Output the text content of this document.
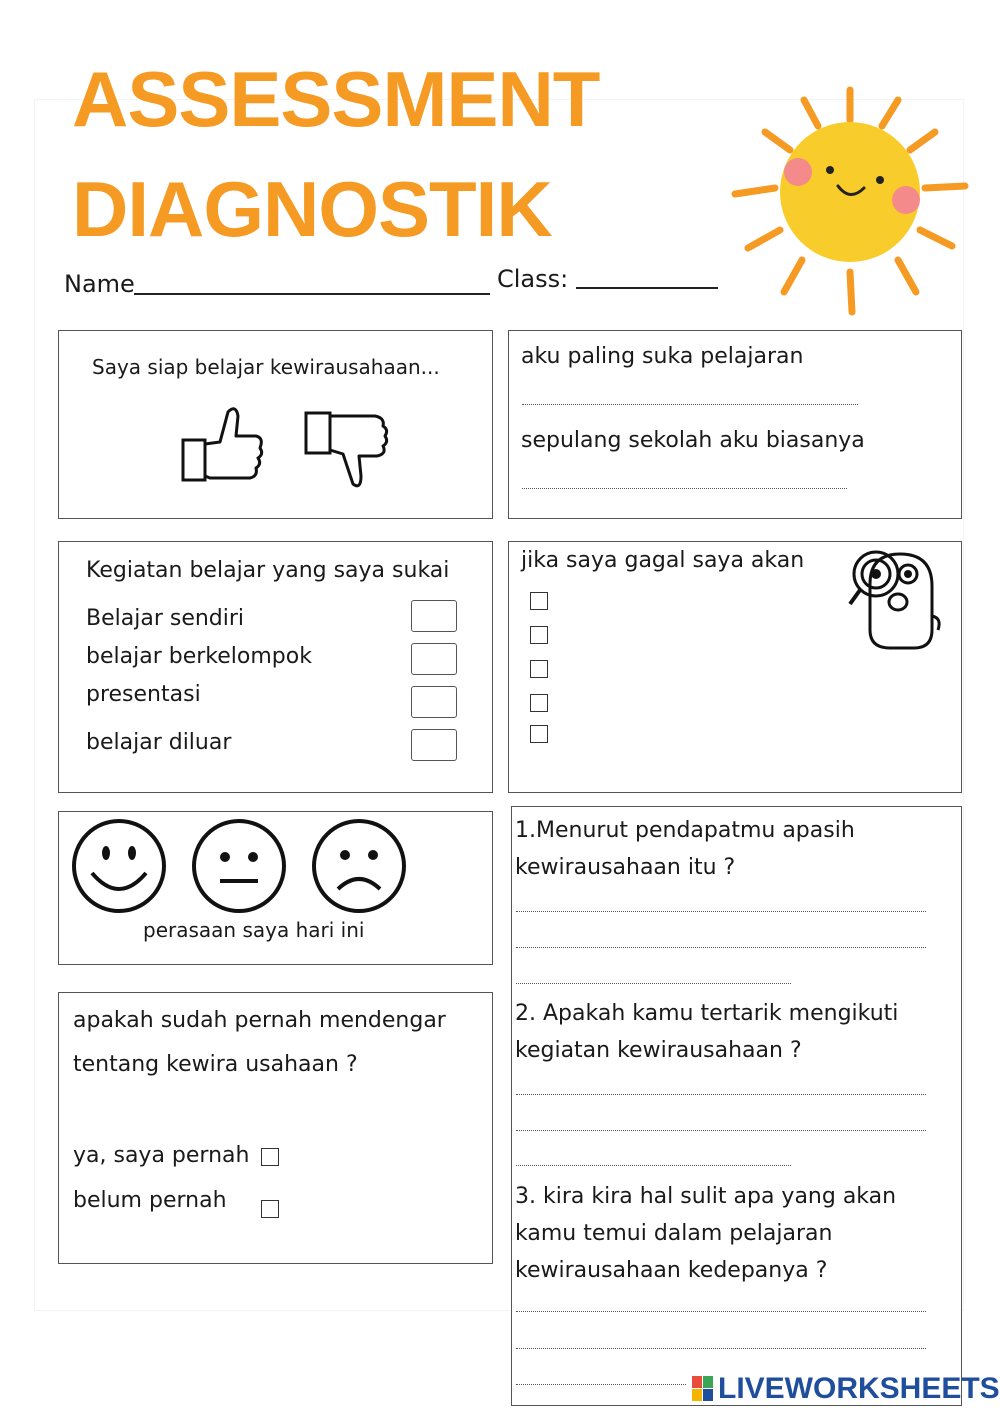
ASSESSMENT
DIAGNOSTIK
Name	Class:
Saya siap belajar kewirausahaan...	aku paling suka pelajaran
sepulang sekolah aku biasanya
Kegiatan belajar yang saya sukai
Belajar sendiri
belajar berkelompok
presentasi
belajar diluar
jika saya gagal saya akan
perasaan saya hari ini
1.Menurut pendapatmu apasih
kewirausahaan itu ?
2. Apakah kamu tertarik mengikuti
kegiatan kewirausahaan ?
3. kira kira hal sulit apa yang akan
kamu temui dalam pelajaran
kewirausahaan kedepanya ?
apakah sudah pernah mendengar
tentang kewira usahaan ?
ya, saya pernah
belum pernah
LIVEWORKSHEETS
